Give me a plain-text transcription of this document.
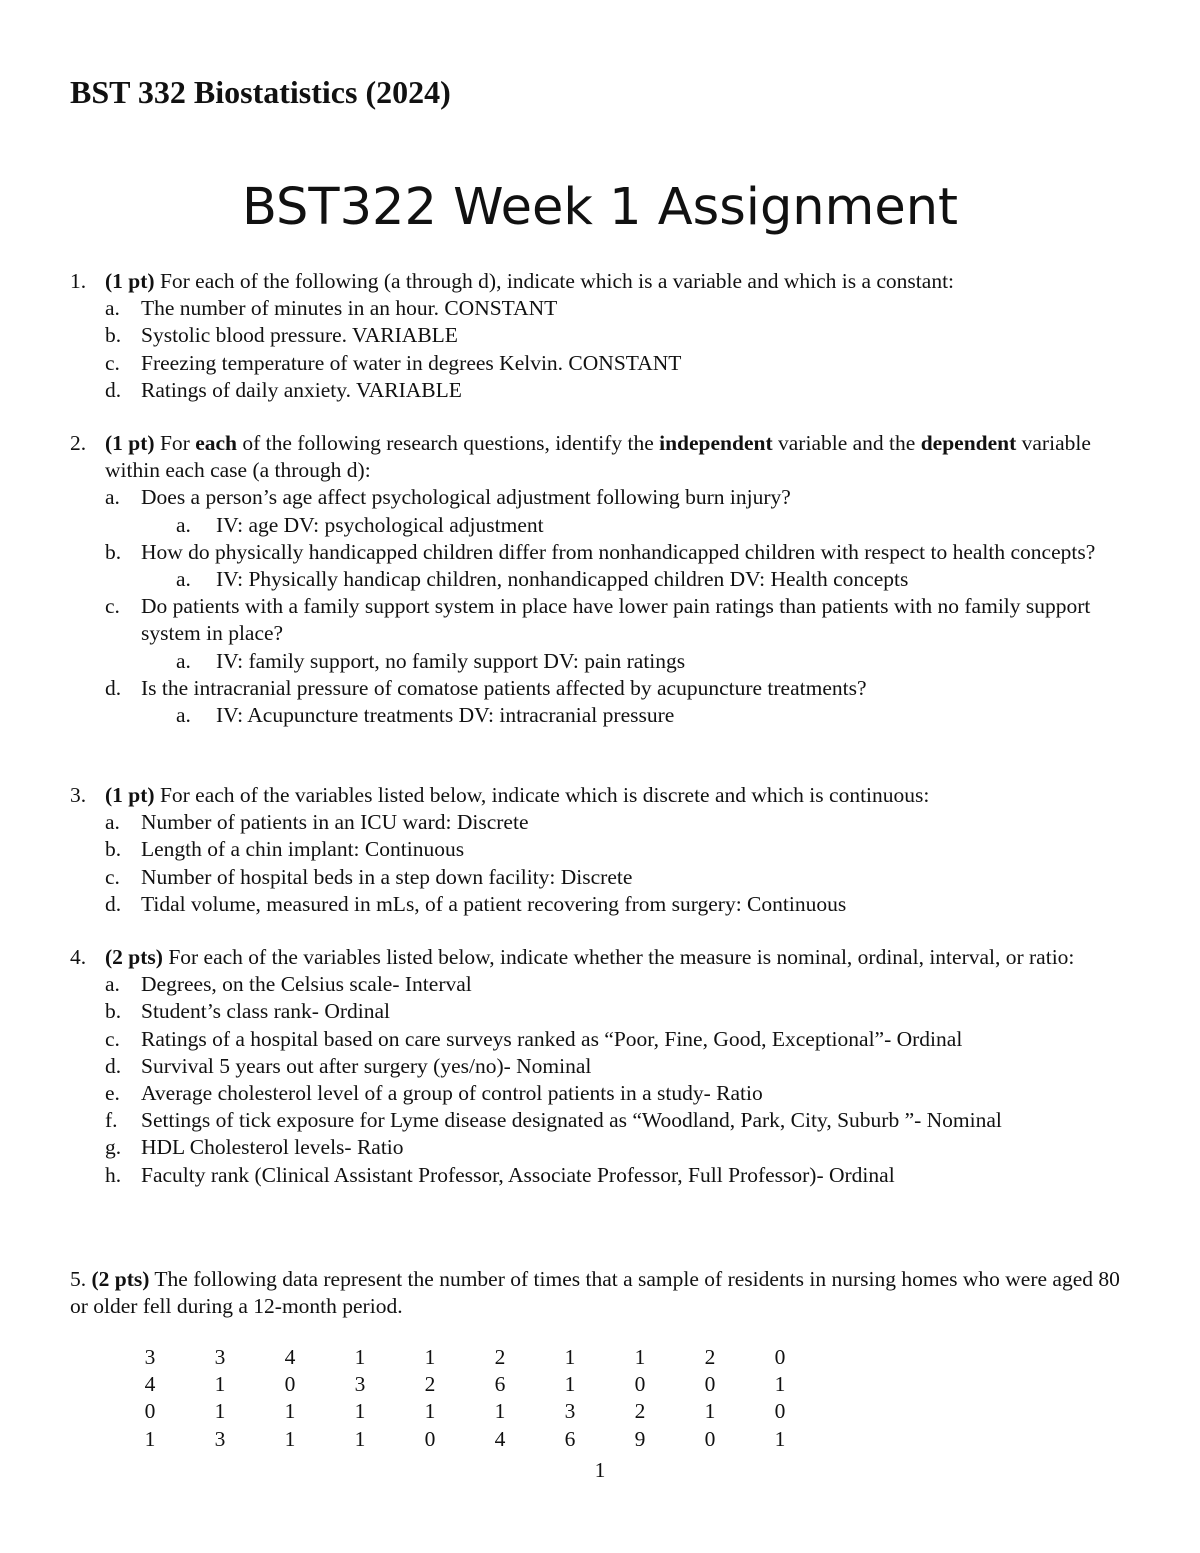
BST 332 Biostatistics (2024)
BST322 Week 1 Assignment
1. (1 pt) For each of the following (a through d), indicate which is a variable and which is a constant:
a. The number of minutes in an hour. CONSTANT
b. Systolic blood pressure. VARIABLE
c. Freezing temperature of water in degrees Kelvin. CONSTANT
d. Ratings of daily anxiety. VARIABLE
2. (1 pt) For each of the following research questions, identify the independent variable and the dependent variable within each case (a through d):
a. Does a person’s age affect psychological adjustment following burn injury?
a. IV: age DV: psychological adjustment
b. How do physically handicapped children differ from nonhandicapped children with respect to health concepts?
a. IV: Physically handicap children, nonhandicapped children DV: Health concepts
c. Do patients with a family support system in place have lower pain ratings than patients with no family support system in place?
a. IV: family support, no family support DV: pain ratings
d. Is the intracranial pressure of comatose patients affected by acupuncture treatments?
a. IV: Acupuncture treatments DV: intracranial pressure
3. (1 pt) For each of the variables listed below, indicate which is discrete and which is continuous:
a. Number of patients in an ICU ward: Discrete
b. Length of a chin implant: Continuous
c. Number of hospital beds in a step down facility: Discrete
d. Tidal volume, measured in mLs, of a patient recovering from surgery: Continuous
4. (2 pts) For each of the variables listed below, indicate whether the measure is nominal, ordinal, interval, or ratio:
a. Degrees, on the Celsius scale- Interval
b. Student’s class rank- Ordinal
c. Ratings of a hospital based on care surveys ranked as “Poor, Fine, Good, Exceptional”- Ordinal
d. Survival 5 years out after surgery (yes/no)- Nominal
e. Average cholesterol level of a group of control patients in a study- Ratio
f. Settings of tick exposure for Lyme disease designated as “Woodland, Park, City, Suburb ”- Nominal
g. HDL Cholesterol levels- Ratio
h. Faculty rank (Clinical Assistant Professor, Associate Professor, Full Professor)- Ordinal
5. (2 pts) The following data represent the number of times that a sample of residents in nursing homes who were aged 80 or older fell during a 12-month period.
3	3	4	1	1	2	1	1	2	0
4	1	0	3	2	6	1	0	0	1
0	1	1	1	1	1	3	2	1	0
1	3	1	1	0	4	6	9	0	1
1
